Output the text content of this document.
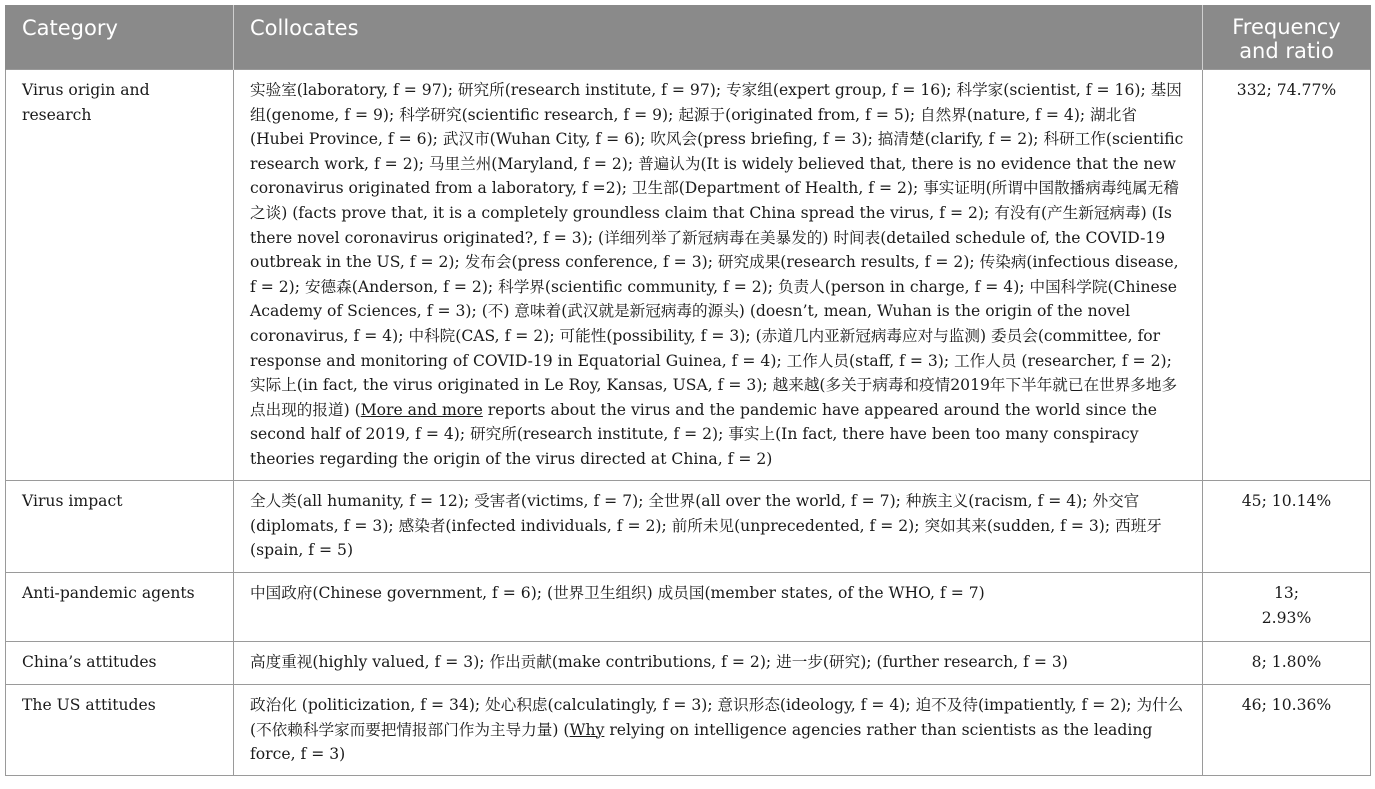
Category	Collocates	Frequency
and ratio
Virus origin and research	实验室(laboratory, f = 97); 研究所(research institute, f = 97); 专家组(expert group, f = 16); 科学家(scientist, f = 16); 基因组(genome, f = 9); 科学研究(scientific research, f = 9); 起源于(originated from, f = 5); 自然界(nature, f = 4); 湖北省(Hubei Province, f = 6); 武汉市(Wuhan City, f = 6); 吹风会(press briefing, f = 3); 搞清楚(clarify, f = 2); 科研工作(scientific research work, f = 2); 马里兰州(Maryland, f = 2); 普遍认为(It is widely believed that, there is no evidence that the new coronavirus originated from a laboratory, f =2); 卫生部(Department of Health, f = 2); 事实证明(所谓中国散播病毒纯属无稽之谈) (facts prove that, it is a completely groundless claim that China spread the virus, f = 2); 有没有(产生新冠病毒) (Is there novel coronavirus originated?, f = 3); (详细列举了新冠病毒在美暴发的) 时间表(detailed schedule of, the COVID-19 outbreak in the US, f = 2); 发布会(press conference, f = 3); 研究成果(research results, f = 2); 传染病(infectious disease, f = 2); 安德森(Anderson, f = 2); 科学界(scientific community, f = 2); 负责人(person in charge, f = 4); 中国科学院(Chinese Academy of Sciences, f = 3); (不) 意味着(武汉就是新冠病毒的源头) (doesn’t, mean, Wuhan is the origin of the novel coronavirus, f = 4); 中科院(CAS, f = 2); 可能性(possibility, f = 3); (赤道几内亚新冠病毒应对与监测) 委员会(committee, for response and monitoring of COVID-19 in Equatorial Guinea, f = 4); 工作人员(staff, f = 3); 工作人员 (researcher, f = 2); 实际上(in fact, the virus originated in Le Roy, Kansas, USA, f = 3); 越来越(多关于病毒和疫情2019年下半年就已在世界多地多点出现的报道) (More and more reports about the virus and the pandemic have appeared around the world since the second half of 2019, f = 4); 研究所(research institute, f = 2); 事实上(In fact, there have been too many conspiracy theories regarding the origin of the virus directed at China, f = 2)	332; 74.77%
Virus impact	全人类(all humanity, f = 12); 受害者(victims, f = 7); 全世界(all over the world, f = 7); 种族主义(racism, f = 4); 外交官 (diplomats, f = 3); 感染者(infected individuals, f = 2); 前所未见(unprecedented, f = 2); 突如其来(sudden, f = 3); 西班牙 (spain, f = 5)	45; 10.14%
Anti-pandemic agents	中国政府(Chinese government, f = 6); (世界卫生组织) 成员国(member states, of the WHO, f = 7)	13;
2.93%
China’s attitudes	高度重视(highly valued, f = 3); 作出贡献(make contributions, f = 2); 进一步(研究); (further research, f = 3)	8; 1.80%
The US attitudes	政治化 (politicization, f = 34); 处心积虑(calculatingly, f = 3); 意识形态(ideology, f = 4); 迫不及待(impatiently, f = 2); 为什么(不依赖科学家而要把情报部门作为主导力量) (Why relying on intelligence agencies rather than scientists as the leading force, f = 3)	46; 10.36%
